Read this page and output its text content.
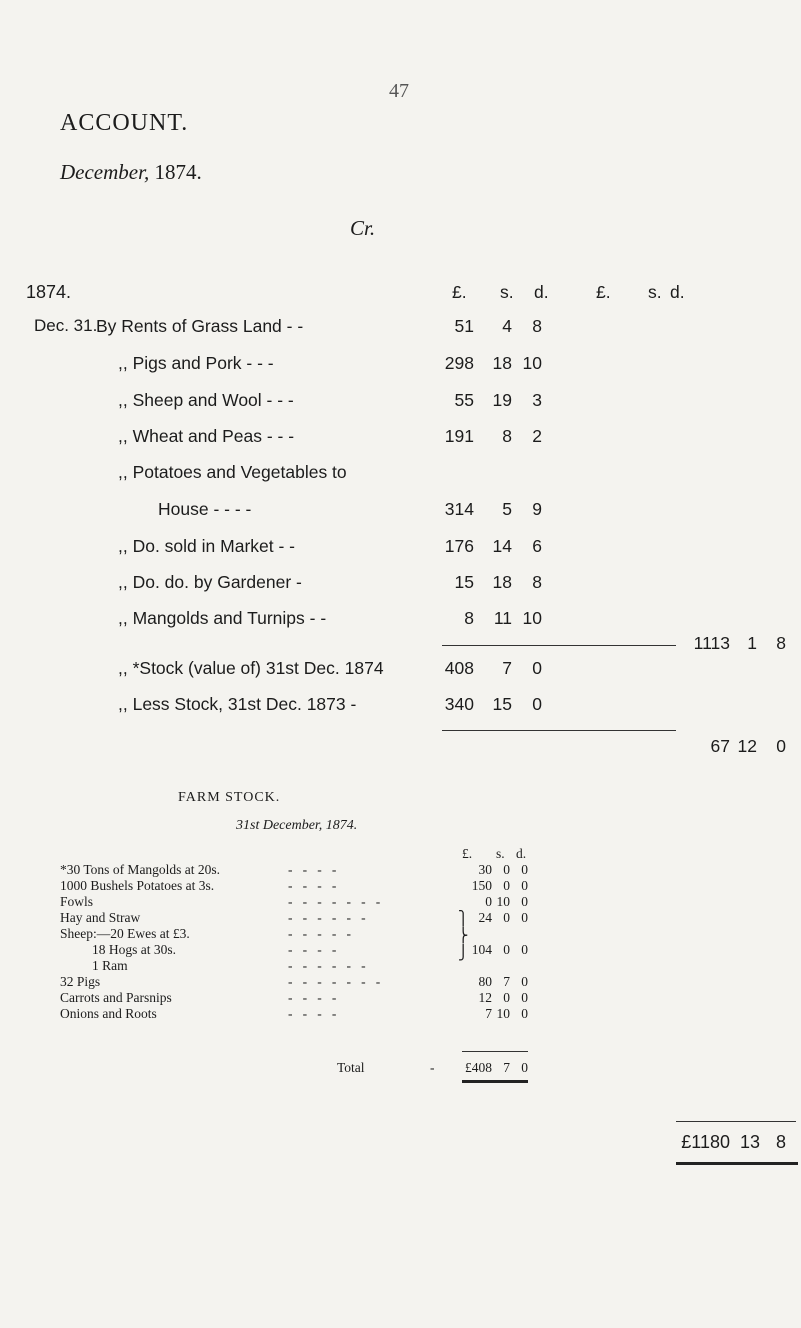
47
ACCOUNT.
December, 1874.
Cr.
1874.	£. s. d.	£. s. d.
Dec. 31.
By Rents of Grass Land - -	51	4	8
,, Pigs and Pork - - -	298	18 10
,, Sheep and Wool - - -	55	19	3
,, Wheat and Peas - - -	191	8	2
,, Potatoes and Vegetables to
House - - - -	314	5	9
,, Do. sold in Market - -	176	14	6
,, Do. do. by Gardener -	15	18	8
,, Mangolds and Turnips - -	8	11 10
1113 1	8
,, *Stock (value of) 31st Dec. 1874	408	7	0
,, Less Stock, 31st Dec. 1873 -	340	15	0
67 12	0
FARM STOCK.
31st December, 1874.
£. s. d.
*30 Tons of Mangolds at 20s.	30 0 0
-   -   -   -
1000 Bushels Potatoes at 3s.	150 0 0
-   -   -   -
Fowls	0 10 0
-   -   -   -   -   -   -
Hay and Straw	24 0 0
-   -   -   -   -   -
Sheep:—20 Ewes at £3.	-   -   -   -   -
18 Hogs at 30s.	104 0 0
-   -   -   -
1 Ram	-   -   -   -   -   -
32 Pigs	80 7 0
-   -   -   -   -   -   -
Carrots and Parsnips	12 0 0
-   -   -   -
Onions and Roots	7 10 0
-   -   -   -
⎫
⎬
⎭
Total	-	£408 7 0
£1180 13 8
